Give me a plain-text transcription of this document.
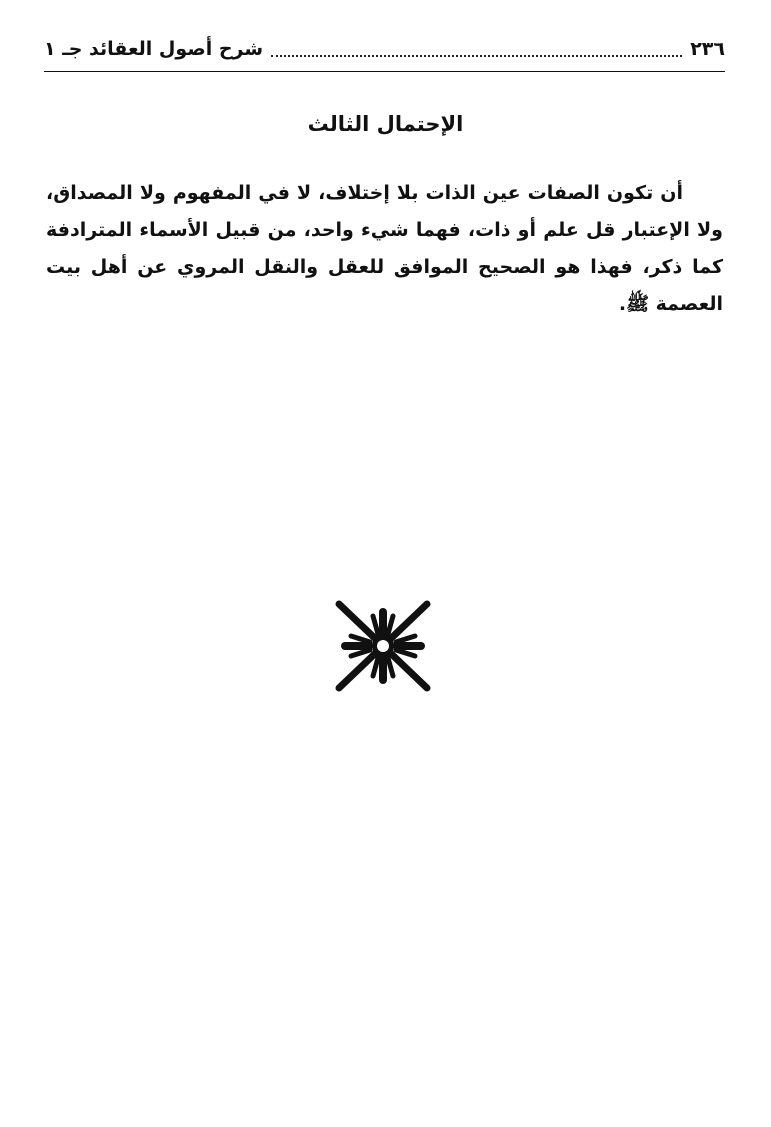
٢٣٦
شرح أصول العقائد جـ ١
الإحتمال الثالث

أن تكون الصفات عين الذات بلا إختلاف، لا في المفهوم ولا المصداق، ولا الإعتبار قل علم أو ذات، فهما شيء واحد، من قبيل الأسماء المترادفة كما ذكر، فهذا هو الصحيح الموافق للعقل والنقل المروي عن أهل بيت العصمة ﷺ.
